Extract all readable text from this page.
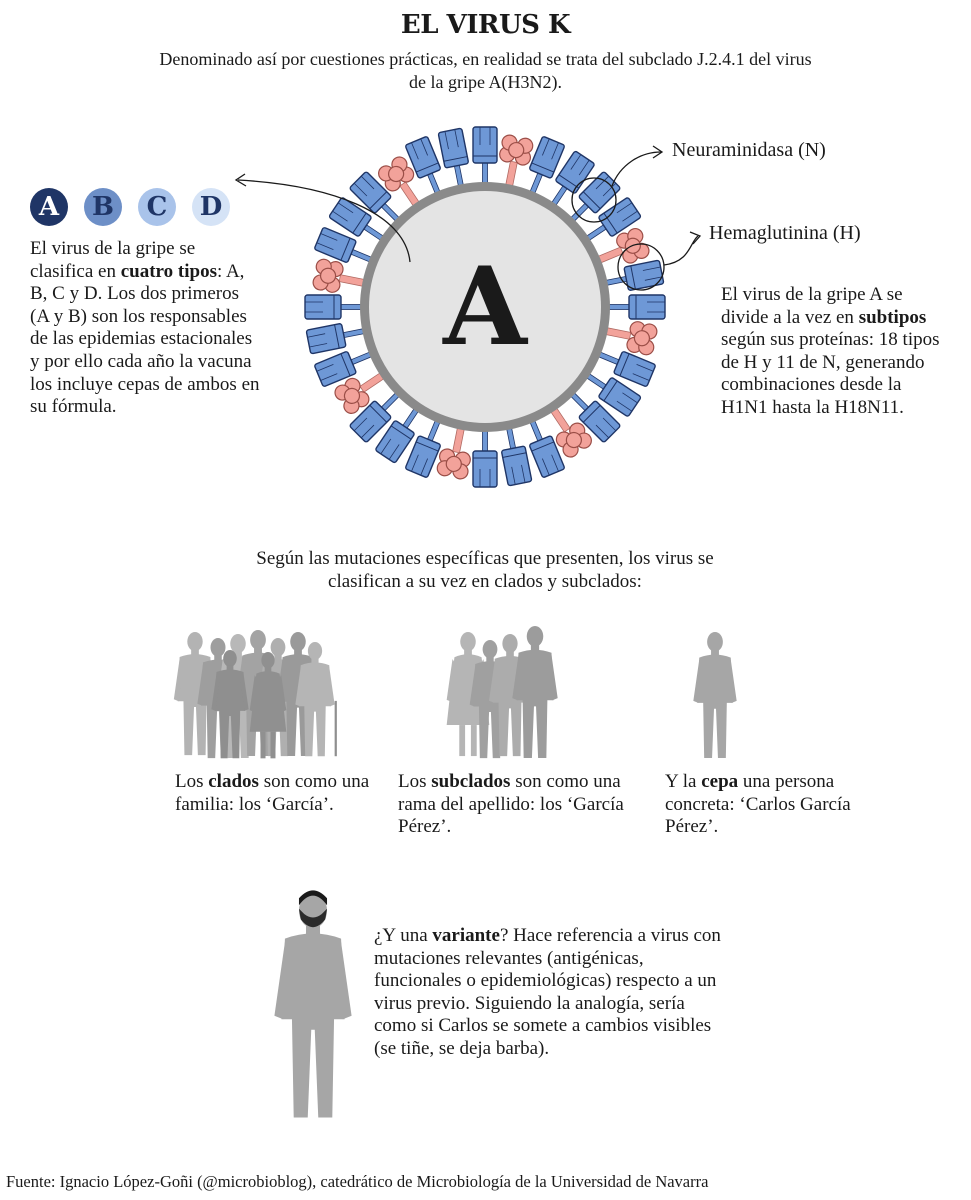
EL VIRUS K
Denominado así por cuestiones prácticas, en realidad se trata del subclado J.2.4.1 del virus de la gripe A(H3N2).
A	B	C	D
El virus de la gripe se clasifica en cuatro tipos: A, B, C y D. Los dos primeros (A y B) son los responsables de las epidemias estacionales y por ello cada año la vacuna los incluye cepas de ambos en su fórmula.
A
Neuraminidasa (N)
Hemaglutinina (H)
El virus de la gripe A se divide a la vez en subtipos según sus proteínas: 18 tipos de H y 11 de N, generando combinaciones desde la H1N1 hasta la H18N11.
Según las mutaciones específicas que presenten, los virus se clasifican a su vez en clados y subclados:
Los clados son como una familia: los ‘García’.
Los subclados son como una rama del apellido: los ‘García Pérez’.
Y la cepa una persona concreta: ‘Carlos García Pérez’.
¿Y una variante? Hace referencia a virus con mutaciones relevantes (antigénicas, funcionales o epidemiológicas) respecto a un virus previo. Siguiendo la analogía, sería como si Carlos se somete a cambios visibles (se tiñe, se deja barba).
Fuente: Ignacio López-Goñi (@microbioblog), catedrático de Microbiología de la Universidad de Navarra
